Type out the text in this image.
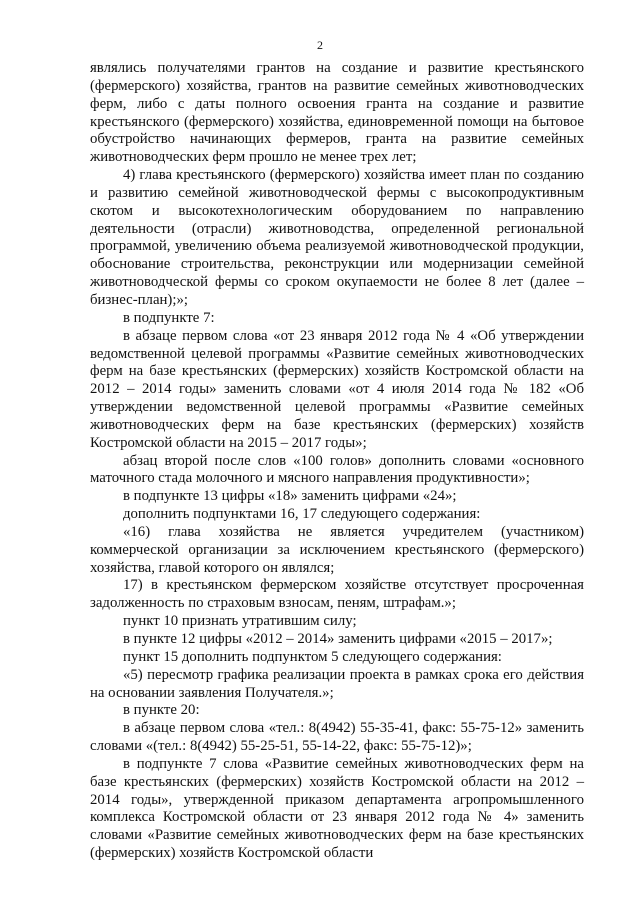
2

являлись получателями грантов на создание и развитие крестьянского (фермерского) хозяйства, грантов на развитие семейных животноводческих ферм, либо с даты полного освоения гранта на создание и развитие крестьянского (фермерского) хозяйства, единовременной помощи на бытовое обустройство начинающих фермеров, гранта на развитие семейных животноводческих ферм прошло не менее трех лет;

4) глава крестьянского (фермерского) хозяйства имеет план по созданию и развитию семейной животноводческой фермы с высокопродуктивным скотом и высокотехнологическим оборудованием по направлению деятельности (отрасли) животноводства, определенной региональной программой, увеличению объема реализуемой животноводческой продукции, обоснование строительства, реконструкции или модернизации семейной животноводческой фермы со сроком окупаемости не более 8 лет (далее – бизнес-план);»;

в подпункте 7:

в абзаце первом слова «от 23 января 2012 года № 4 «Об утверждении ведомственной целевой программы «Развитие семейных животноводческих ферм на базе крестьянских (фермерских) хозяйств Костромской области на 2012 – 2014 годы» заменить словами «от 4 июля 2014 года № 182 «Об утверждении ведомственной целевой программы «Развитие семейных животноводческих ферм на базе крестьянских (фермерских) хозяйств Костромской области на 2015 – 2017 годы»;

абзац второй после слов «100 голов» дополнить словами «основного маточного стада молочного и мясного направления продуктивности»;

в подпункте 13 цифры «18» заменить цифрами «24»;

дополнить подпунктами 16, 17 следующего содержания:

«16) глава хозяйства не является учредителем (участником) коммерческой организации за исключением крестьянского (фермерского) хозяйства, главой которого он являлся;

17) в крестьянском фермерском хозяйстве отсутствует просроченная задолженность по страховым взносам, пеням, штрафам.»;

пункт 10 признать утратившим силу;

в пункте 12 цифры «2012 – 2014» заменить цифрами «2015 – 2017»;

пункт 15 дополнить подпунктом 5 следующего содержания:

«5) пересмотр графика реализации проекта в рамках срока его действия на основании заявления Получателя.»;

в пункте 20:

в абзаце первом слова «тел.: 8(4942) 55-35-41, факс: 55-75-12» заменить словами «(тел.: 8(4942) 55-25-51, 55-14-22, факс: 55-75-12)»;

в подпункте 7 слова «Развитие семейных животноводческих ферм на базе крестьянских (фермерских) хозяйств Костромской области на 2012 – 2014 годы», утвержденной приказом департамента агропромышленного комплекса Костромской области от 23 января 2012 года № 4» заменить словами «Развитие семейных животноводческих ферм на базе крестьянских (фермерских) хозяйств Костромской области
